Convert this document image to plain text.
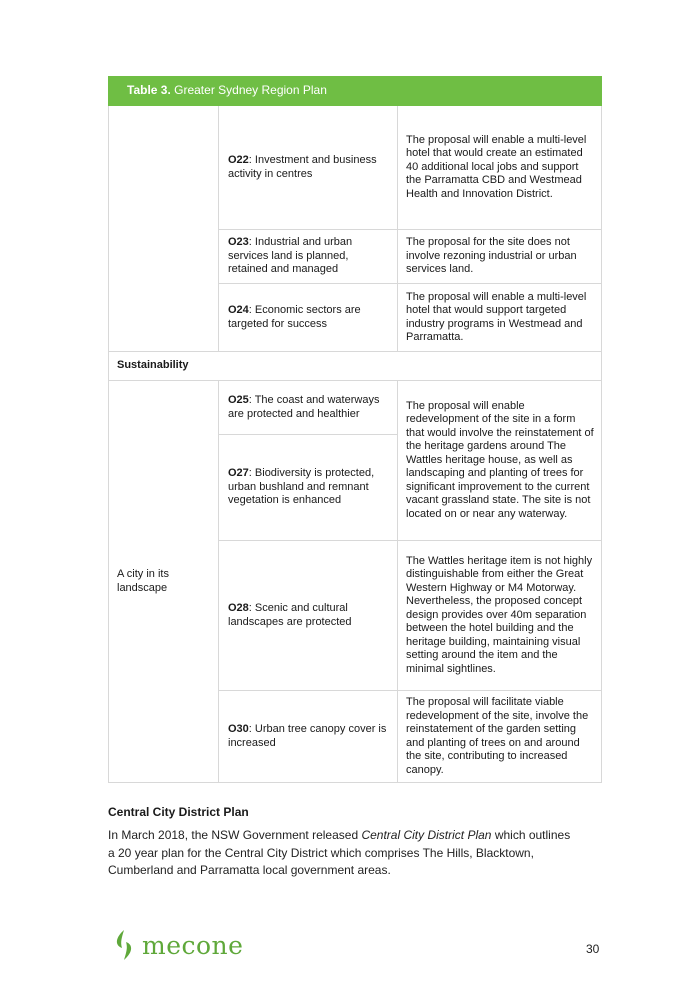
Table 3. Greater Sydney Region Plan		
	O22: Investment and business activity in centres	The proposal will enable a multi-level hotel that would create an estimated 40 additional local jobs and support the Parramatta CBD and Westmead Health and Innovation District.
	O23: Industrial and urban services land is planned, retained and managed	The proposal for the site does not involve rezoning industrial or urban services land.
	O24: Economic sectors are targeted for success	The proposal will enable a multi-level hotel that would support targeted industry programs in Westmead and Parramatta.
Sustainability		
A city in its landscape	O25: The coast and waterways are protected and healthier	The proposal will enable redevelopment of the site in a form that would involve the reinstatement of the heritage gardens around The Wattles heritage house, as well as landscaping and planting of trees for significant improvement to the current vacant grassland state. The site is not located on or near any waterway.
	O27: Biodiversity is protected, urban bushland and remnant vegetation is enhanced	
	O28: Scenic and cultural landscapes are protected	The Wattles heritage item is not highly distinguishable from either the Great Western Highway or M4 Motorway. Nevertheless, the proposed concept design provides over 40m separation between the hotel building and the heritage building, maintaining visual setting around the item and the minimal sightlines.
	O30: Urban tree canopy cover is increased	The proposal will facilitate viable redevelopment of the site, involve the reinstatement of the garden setting and planting of trees on and around the site, contributing to increased canopy.
Central City District Plan
In March 2018, the NSW Government released Central City District Plan which outlines a 20 year plan for the Central City District which comprises The Hills, Blacktown, Cumberland and Parramatta local government areas.
mecone	30
